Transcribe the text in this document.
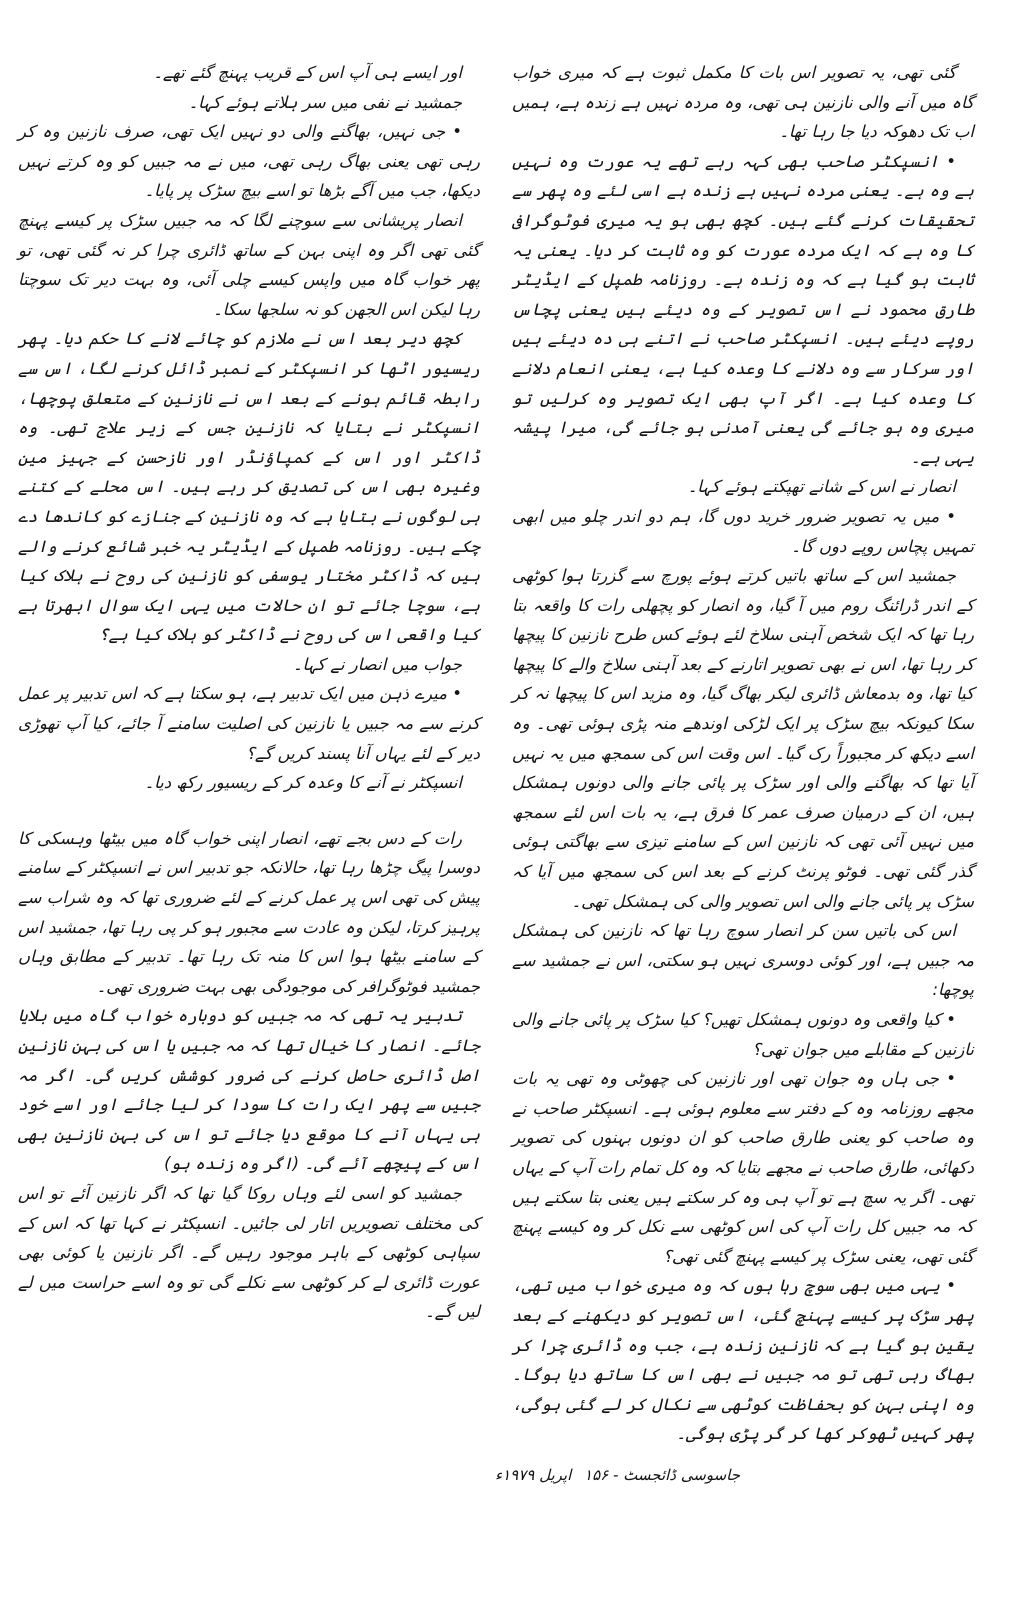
گئی تھی، یہ تصویر اس بات کا مکمل ثبوت ہے کہ میری خواب گاہ میں آنے والی نازنین ہی تھی، وہ مردہ نہیں ہے زندہ ہے، ہمیں اب تک دھوکہ دیا جا رہا تھا۔

• انسپکٹر صاحب بھی کہہ رہے تھے یہ عورت وہ نہیں ہے وہ ہے۔ یعنی مردہ نہیں ہے زندہ ہے اسی لئے وہ پھر سے تحقیقات کرنے گئے ہیں۔ کچھ بھی ہو یہ میری فوٹوگرافی کا وہ ہے کہ ایک مردہ عورت کو وہ ثابت کر دیا۔ یعنی یہ ثابت ہو گیا ہے کہ وہ زندہ ہے۔ روزنامہ طمپل کے ایڈیٹر طارق محمود نے اس تصویر کے وہ دیئے ہیں یعنی پچاس روپے دیئے ہیں۔ انسپکٹر صاحب نے اتنے ہی دہ دیئے ہیں اور سرکار سے وہ دلانے کا وعدہ کیا ہے، یعنی انعام دلانے کا وعدہ کیا ہے۔ اگر آپ بھی ایک تصویر وہ کرلیں تو میری وہ ہو جائے گی یعنی آمدنی ہو جائے گی، میرا پیشہ یہی ہے۔

انصار نے اس کے شانے تھپکتے ہوئے کہا۔

• میں یہ تصویر ضرور خرید دوں گا، ہم دو اندر چلو میں ابھی تمہیں پچاس روپے دوں گا۔

جمشید اس کے ساتھ باتیں کرتے ہوئے پورچ سے گزرتا ہوا کوٹھی کے اندر ڈرائنگ روم میں آ گیا، وہ انصار کو پچھلی رات کا واقعہ بتا رہا تھا کہ ایک شخص آہنی سلاخ لئے ہوئے کس طرح نازنین کا پیچھا کر رہا تھا، اس نے بھی تصویر اتارنے کے بعد آہنی سلاخ والے کا پیچھا کیا تھا، وہ بدمعاش ڈائری لیکر بھاگ گیا، وہ مزید اس کا پیچھا نہ کر سکا کیونکہ بیچ سڑک پر ایک لڑکی اوندھے منہ پڑی ہوئی تھی۔ وہ اسے دیکھ کر مجبوراً رک گیا۔ اس وقت اس کی سمجھ میں یہ نہیں آیا تھا کہ بھاگنے والی اور سڑک پر پائی جانے والی دونوں ہمشکل ہیں، ان کے درمیان صرف عمر کا فرق ہے، یہ بات اس لئے سمجھ میں نہیں آئی تھی کہ نازنین اس کے سامنے تیزی سے بھاگتی ہوئی گذر گئی تھی۔ فوٹو پرنٹ کرنے کے بعد اس کی سمجھ میں آیا کہ سڑک پر پائی جانے والی اس تصویر والی کی ہمشکل تھی۔

اس کی باتیں سن کر انصار سوچ رہا تھا کہ نازنین کی ہمشکل مہ جبیں ہے، اور کوئی دوسری نہیں ہو سکتی، اس نے جمشید سے پوچھا:

• کیا واقعی وہ دونوں ہمشکل تھیں؟ کیا سڑک پر پائی جانے والی نازنین کے مقابلے میں جوان تھی؟

• جی ہاں وہ جوان تھی اور نازنین کی چھوٹی وہ تھی یہ بات مجھے روزنامہ وہ کے دفتر سے معلوم ہوئی ہے۔ انسپکٹر صاحب نے وہ صاحب کو یعنی طارق صاحب کو ان دونوں بہنوں کی تصویر دکھائی، طارق صاحب نے مجھے بتایا کہ وہ کل تمام رات آپ کے یہاں تھی۔ اگر یہ سچ ہے تو آپ ہی وہ کر سکتے ہیں یعنی بتا سکتے ہیں کہ مہ جبیں کل رات آپ کی اس کوٹھی سے نکل کر وہ کیسے پہنچ گئی تھی، یعنی سڑک پر کیسے پہنچ گئی تھی؟

• یہی میں بھی سوچ رہا ہوں کہ وہ میری خواب میں تھی، پھر سڑک پر کیسے پہنچ گئی، اس تصویر کو دیکھنے کے بعد یقین ہو گیا ہے کہ نازنین زندہ ہے، جب وہ ڈائری چرا کر بھاگ رہی تھی تو مہ جبیں نے بھی اس کا ساتھ دیا ہوگا۔ وہ اپنی بہن کو بحفاظت کوٹھی سے نکال کر لے گئی ہوگی، پھر کہیں ٹھوکر کھا کر گر پڑی ہوگی۔

اور ایسے ہی آپ اس کے قریب پہنچ گئے تھے۔

جمشید نے نفی میں سر ہلاتے ہوئے کہا۔

• جی نہیں، بھاگنے والی دو نہیں ایک تھی، صرف نازنین وہ کر رہی تھی یعنی بھاگ رہی تھی، میں نے مہ جبیں کو وہ کرتے نہیں دیکھا، جب میں آگے بڑھا تو اسے بیچ سڑک پر پایا۔

انصار پریشانی سے سوچنے لگا کہ مہ جبیں سڑک پر کیسے پہنچ گئی تھی اگر وہ اپنی بہن کے ساتھ ڈائری چرا کر نہ گئی تھی، تو پھر خواب گاہ میں واپس کیسے چلی آئی، وہ بہت دیر تک سوچتا رہا لیکن اس الجھن کو نہ سلجھا سکا۔

کچھ دیر بعد اس نے ملازم کو چائے لانے کا حکم دیا۔ پھر ریسیور اٹھا کر انسپکٹر کے نمبر ڈائل کرنے لگا، اس سے رابطہ قائم ہونے کے بعد اس نے نازنین کے متعلق پوچھا، انسپکٹر نے بتایا کہ نازنین جس کے زیر علاج تھی۔ وہ ڈاکٹر اور اس کے کمپاؤنڈر اور نازحسن کے جہیز مین وغیرہ بھی اس کی تصدیق کر رہے ہیں۔ اس محلے کے کتنے ہی لوگوں نے بتایا ہے کہ وہ نازنین کے جنازے کو کاندھا دے چکے ہیں۔ روزنامہ طمپل کے ایڈیٹر یہ خبر شائع کرنے والے ہیں کہ ڈاکٹر مختار یوسفی کو نازنین کی روح نے ہلاک کیا ہے، سوچا جائے تو ان حالات میں یہی ایک سوال ابھرتا ہے کیا واقعی اس کی روح نے ڈاکٹر کو ہلاک کیا ہے؟

جواب میں انصار نے کہا۔

• میرے ذہن میں ایک تدبیر ہے، ہو سکتا ہے کہ اس تدبیر پر عمل کرنے سے مہ جبیں یا نازنین کی اصلیت سامنے آ جائے، کیا آپ تھوڑی دیر کے لئے یہاں آنا پسند کریں گے؟

انسپکٹر نے آنے کا وعدہ کر کے ریسیور رکھ دیا۔

رات کے دس بجے تھے، انصار اپنی خواب گاہ میں بیٹھا وہسکی کا دوسرا پیگ چڑھا رہا تھا، حالانکہ جو تدبیر اس نے انسپکٹر کے سامنے پیش کی تھی اس پر عمل کرنے کے لئے ضروری تھا کہ وہ شراب سے پرہیز کرتا، لیکن وہ عادت سے مجبور ہو کر پی رہا تھا، جمشید اس کے سامنے بیٹھا ہوا اس کا منہ تک رہا تھا۔ تدبیر کے مطابق وہاں جمشید فوٹوگرافر کی موجودگی بھی بہت ضروری تھی۔

تدبیر یہ تھی کہ مہ جبیں کو دوبارہ خواب گاہ میں بلایا جائے۔ انصار کا خیال تھا کہ مہ جبیں یا اس کی بہن نازنین اصل ڈائری حاصل کرنے کی ضرور کوشش کریں گی۔ اگر مہ جبیں سے پھر ایک رات کا سودا کر لیا جائے اور اسے خود ہی یہاں آنے کا موقع دیا جائے تو اس کی بہن نازنین بھی اس کے پیچھے آئے گی۔ (اگر وہ زندہ ہو)

جمشید کو اسی لئے وہاں روکا گیا تھا کہ اگر نازنین آئے تو اس کی مختلف تصویریں اتار لی جائیں۔ انسپکٹر نے کہا تھا کہ اس کے سپاہی کوٹھی کے باہر موجود رہیں گے۔ اگر نازنین یا کوئی بھی عورت ڈائری لے کر کوٹھی سے نکلے گی تو وہ اسے حراست میں لے لیں گے۔

جاسوسی ڈائجسٹ - ۱۵۶ اپریل ۱۹۷۹ء
